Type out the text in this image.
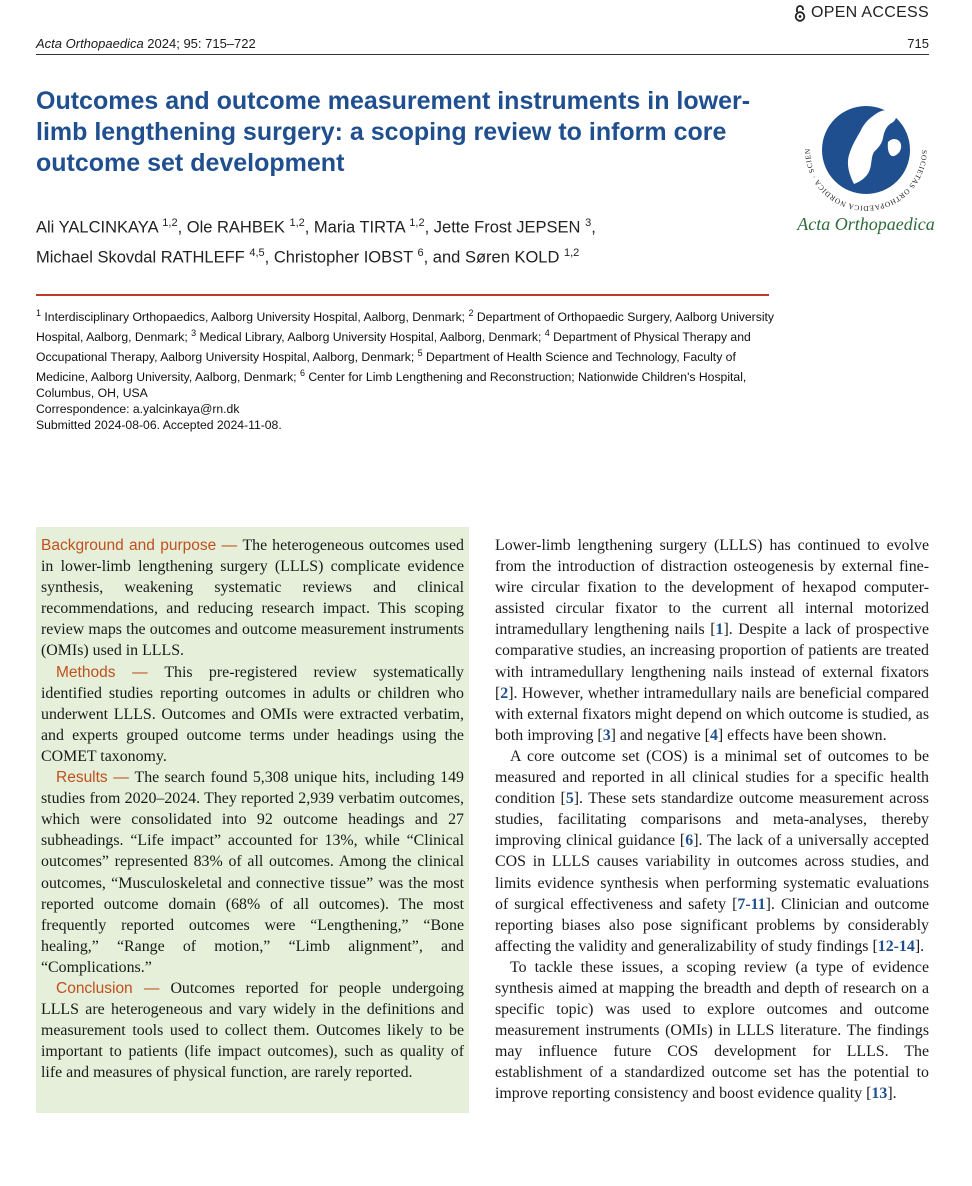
OPEN ACCESS
Acta Orthopaedica 2024; 95: 715–722	715
Outcomes and outcome measurement instruments in lower-limb lengthening surgery: a scoping review to inform core outcome set development
Ali YALCINKAYA $^{1,2}$, Ole RAHBEK $^{1,2}$, Maria TIRTA $^{1,2}$, Jette Frost JEPSEN $^3$,
Michael Skovdal RATHLEFF $^{4,5}$, Christopher IOBST $^6$, and Søren KOLD $^{1,2}$
SOCIETAS ORTHOPAEDICA NORDICA · SCIEN
Acta Orthopaedica
$^1$ Interdisciplinary Orthopaedics, Aalborg University Hospital, Aalborg, Denmark; $^2$ Department of Orthopaedic Surgery, Aalborg University Hospital, Aalborg, Denmark; $^3$ Medical Library, Aalborg University Hospital, Aalborg, Denmark; $^4$ Department of Physical Therapy and Occupational Therapy, Aalborg University Hospital, Aalborg, Denmark; $^5$ Department of Health Science and Technology, Faculty of Medicine, Aalborg University, Aalborg, Denmark; $^6$ Center for Limb Lengthening and Reconstruction; Nationwide Children's Hospital, Columbus, OH, USA
Correspondence: a.yalcinkaya@rn.dk
Submitted 2024-08-06. Accepted 2024-11-08.

Background and purpose — The heterogeneous outcomes used in lower-limb lengthening surgery (LLLS) complicate evidence synthesis, weakening systematic reviews and clinical recommendations, and reducing research impact. This scoping review maps the outcomes and outcome measurement instruments (OMIs) used in LLLS.

Methods — This pre-registered review systematically identified studies reporting outcomes in adults or children who underwent LLLS. Outcomes and OMIs were extracted verbatim, and experts grouped outcome terms under headings using the COMET taxonomy.

Results — The search found 5,308 unique hits, including 149 studies from 2020–2024. They reported 2,939 verbatim outcomes, which were consolidated into 92 outcome headings and 27 subheadings. “Life impact” accounted for 13%, while “Clinical outcomes” represented 83% of all outcomes. Among the clinical outcomes, “Musculoskeletal and connective tissue” was the most reported outcome domain (68% of all outcomes). The most frequently reported outcomes were “Lengthening,” “Bone healing,” “Range of motion,” “Limb alignment”, and “Complications.”

Conclusion — Outcomes reported for people undergoing LLLS are heterogeneous and vary widely in the definitions and measurement tools used to collect them. Outcomes likely to be important to patients (life impact outcomes), such as quality of life and measures of physical function, are rarely reported.

Lower-limb lengthening surgery (LLLS) has continued to evolve from the introduction of distraction osteogenesis by external fine-wire circular fixation to the development of hexapod computer-assisted circular fixator to the current all internal motorized intramedullary lengthening nails [1]. Despite a lack of prospective comparative studies, an increasing proportion of patients are treated with intramedullary lengthening nails instead of external fixators [2]. However, whether intramedullary nails are beneficial compared with external fixators might depend on which outcome is studied, as both improving [3] and negative [4] effects have been shown.

A core outcome set (COS) is a minimal set of outcomes to be measured and reported in all clinical studies for a specific health condition [5]. These sets standardize outcome measurement across studies, facilitating comparisons and meta-analyses, thereby improving clinical guidance [6]. The lack of a universally accepted COS in LLLS causes variability in outcomes across studies, and limits evidence synthesis when performing systematic evaluations of surgical effectiveness and safety [7-11]. Clinician and outcome reporting biases also pose significant problems by considerably affecting the validity and generalizability of study findings [12-14].

To tackle these issues, a scoping review (a type of evidence synthesis aimed at mapping the breadth and depth of research on a specific topic) was used to explore outcomes and outcome measurement instruments (OMIs) in LLLS literature. The findings may influence future COS development for LLLS. The establishment of a standardized outcome set has the potential to improve reporting consistency and boost evidence quality [13].
